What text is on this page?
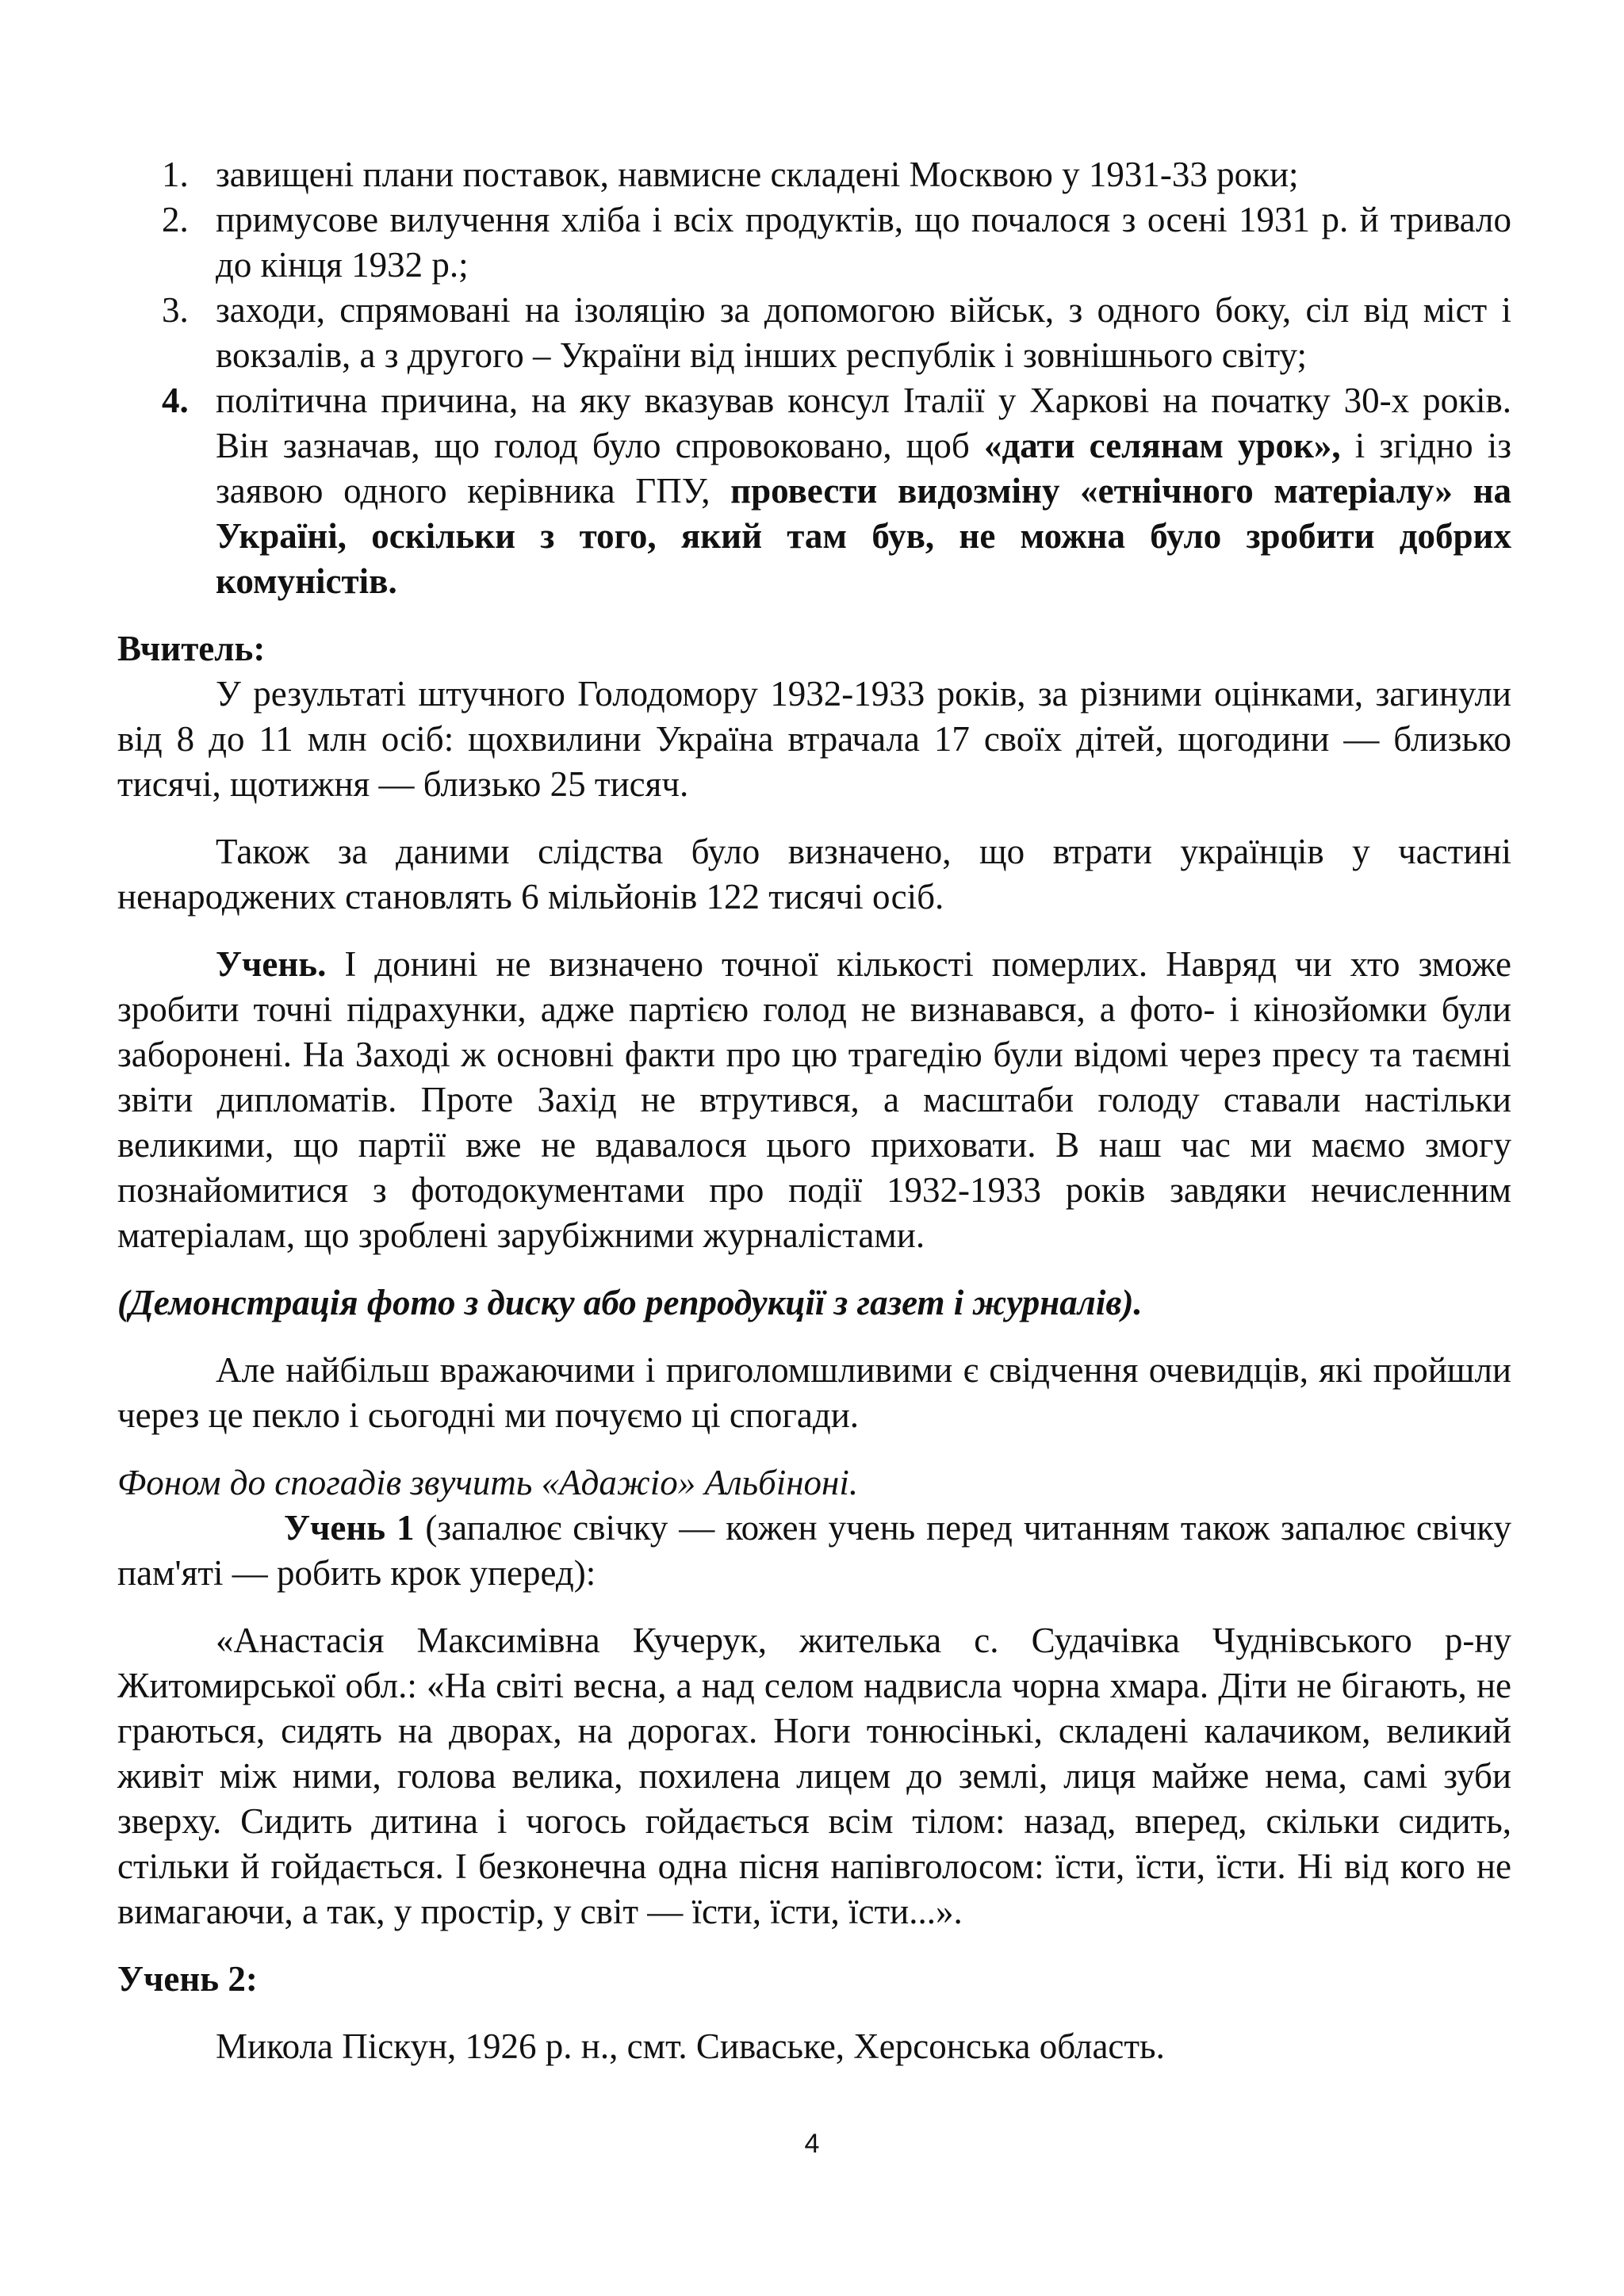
1. завищені плани поставок, навмисне складені Москвою у 1931-33 роки;
2. примусове вилучення хліба і всіх продуктів, що почалося з осені 1931 р. й тривало до кінця 1932 р.;
3. заходи, спрямовані на ізоляцію за допомогою військ, з одного боку, сіл від міст і вокзалів, а з другого – України від інших республік і зовнішнього світу;
4. політична причина, на яку вказував консул Італії у Харкові на початку 30-х років. Він зазначав, що голод було спровоковано, щоб «дати селянам урок», і згідно із заявою одного керівника ГПУ, провести видозміну «етнічного матеріалу» на Україні, оскільки з того, який там був, не можна було зробити добрих комуністів.

Вчитель:

У результаті штучного Голодомору 1932-1933 років, за різними оцінками, загинули від 8 до 11 млн осіб: щохвилини Україна втрачала 17 своїх дітей, щогодини — близько тисячі, щотижня — близько 25 тисяч.

Також за даними слідства було визначено, що втрати українців у частині ненароджених становлять 6 мільйонів 122 тисячі осіб.

Учень. І донині не визначено точної кількості померлих. Навряд чи хто зможе зробити точні підрахунки, адже партією голод не визнавався, а фото- і кінозйомки були заборонені. На Заході ж основні факти про цю трагедію були відомі через пресу та таємні звіти дипломатів. Проте Захід не втрутився, а масштаби голоду ставали настільки великими, що партії вже не вдавалося цього приховати. В наш час ми маємо змогу познайомитися з фотодокументами про події 1932-1933 років завдяки нечисленним матеріалам, що зроблені зарубіжними журналістами.

(Демонстрація фото з диску або репродукції з газет і журналів).

Але найбільш вражаючими і приголомшливими є свідчення очевидців, які пройшли через це пекло і сьогодні ми почуємо ці спогади.

Фоном до спогадів звучить «Адажіо» Альбіноні.

Учень 1 (запалює свічку — кожен учень перед читанням також запалює свічку пам'яті — робить крок уперед):

«Анастасія Максимівна Кучерук, жителька с. Судачівка Чуднівського р-ну Житомирської обл.: «На світі весна, а над селом надвисла чорна хмара. Діти не бігають, не граються, сидять на дворах, на дорогах. Ноги тонюсінькі, складені калачиком, великий живіт між ними, голова велика, похилена лицем до землі, лиця майже нема, самі зуби зверху. Сидить дитина і чогось гойдається всім тілом: назад, вперед, скільки сидить, стільки й гойдається. І безконечна одна пісня напівголосом: їсти, їсти, їсти. Ні від кого не вимагаючи, а так, у простір, у світ — їсти, їсти, їсти...».

Учень 2:

Микола Піскун, 1926 р. н., смт. Сиваське, Херсонська область.

4
